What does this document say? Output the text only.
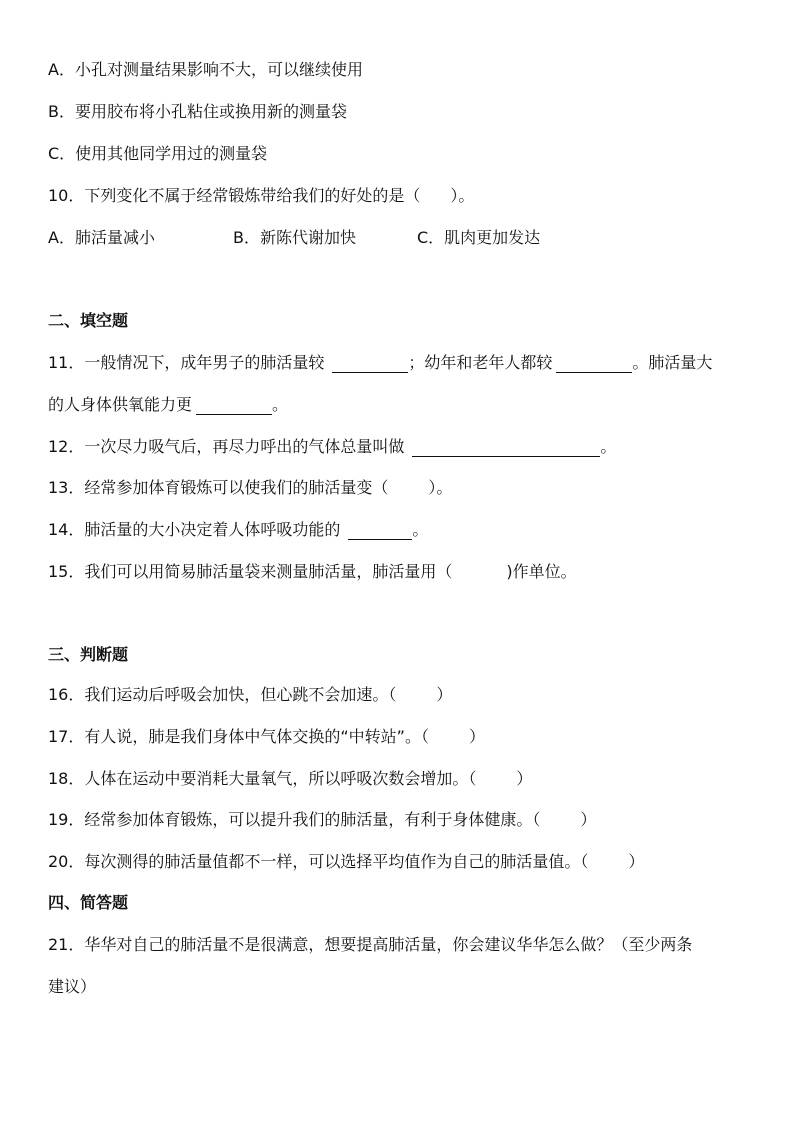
A．小孔对测量结果影响不大，可以继续使用
B．要用胶布将小孔粘住或换用新的测量袋
C．使用其他同学用过的测量袋
10．下列变化不属于经常锻炼带给我们的好处的是（ ）。
A．肺活量减小	B．新陈代谢加快	C．肌肉更加发达
二、填空题
11．一般情况下，成年男子的肺活量较	；幼年和老年人都较	。肺活量大
的人身体供氧能力更	。
12．一次尽力吸气后，再尽力呼出的气体总量叫做	。
13．经常参加体育锻炼可以使我们的肺活量变（	）。
14．肺活量的大小决定着人体呼吸功能的	。
15．我们可以用简易肺活量袋来测量肺活量，肺活量用（	)作单位。
三、判断题
16．我们运动后呼吸会加快，但心跳不会加速。（	）
17．有人说，肺是我们身体中气体交换的“中转站”。（	）
18．人体在运动中要消耗大量氧气，所以呼吸次数会增加。（	）
19．经常参加体育锻炼，可以提升我们的肺活量，有利于身体健康。（	）
20．每次测得的肺活量值都不一样，可以选择平均值作为自己的肺活量值。（	）
四、简答题
21．华华对自己的肺活量不是很满意，想要提高肺活量，你会建议华华怎么做？（至少两条
建议）
